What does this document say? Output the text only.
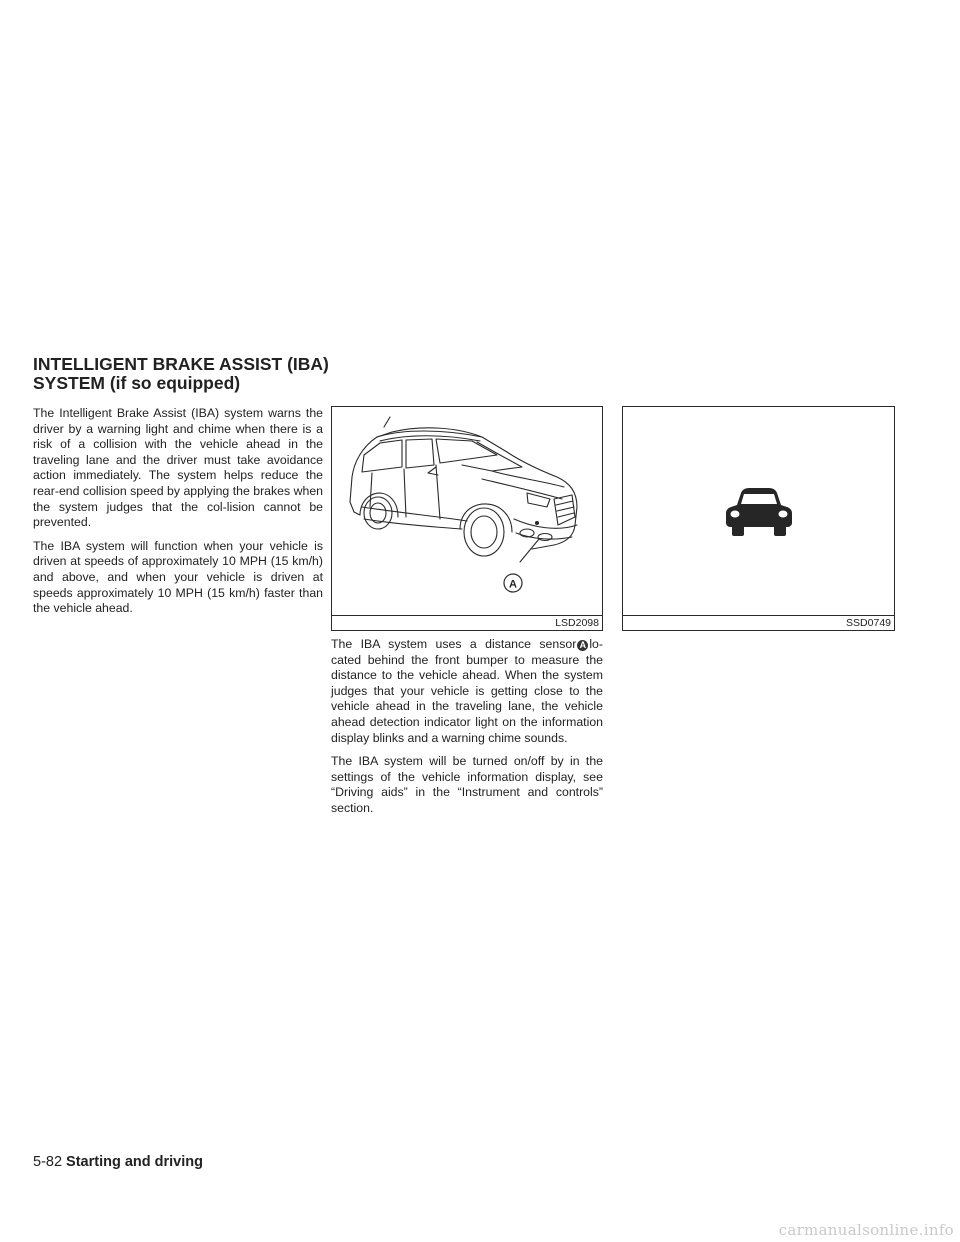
INTELLIGENT BRAKE ASSIST (IBA)
SYSTEM (if so equipped)

The Intelligent Brake Assist (IBA) system warns the driver by a warning light and chime when there is a risk of a collision with the vehicle ahead in the traveling lane and the driver must take avoidance action immediately. The system helps reduce the rear-end collision speed by applying the brakes when the system judges that the col-lision cannot be prevented.

The IBA system will function when your vehicle is driven at speeds of approximately 10 MPH (15 km/h) and above, and when your vehicle is driven at speeds approximately 10 MPH (15 km/h) faster than the vehicle ahead.

A
LSD2098	SSD0749

The IBA system uses a distance sensor A lo-cated behind the front bumper to measure the distance to the vehicle ahead. When the system judges that your vehicle is getting close to the vehicle ahead in the traveling lane, the vehicle ahead detection indicator light on the information display blinks and a warning chime sounds.

The IBA system will be turned on/off by in the settings of the vehicle information display, see “Driving aids” in the “Instrument and controls” section.

5-82 Starting and driving
carmanualsonline.info
